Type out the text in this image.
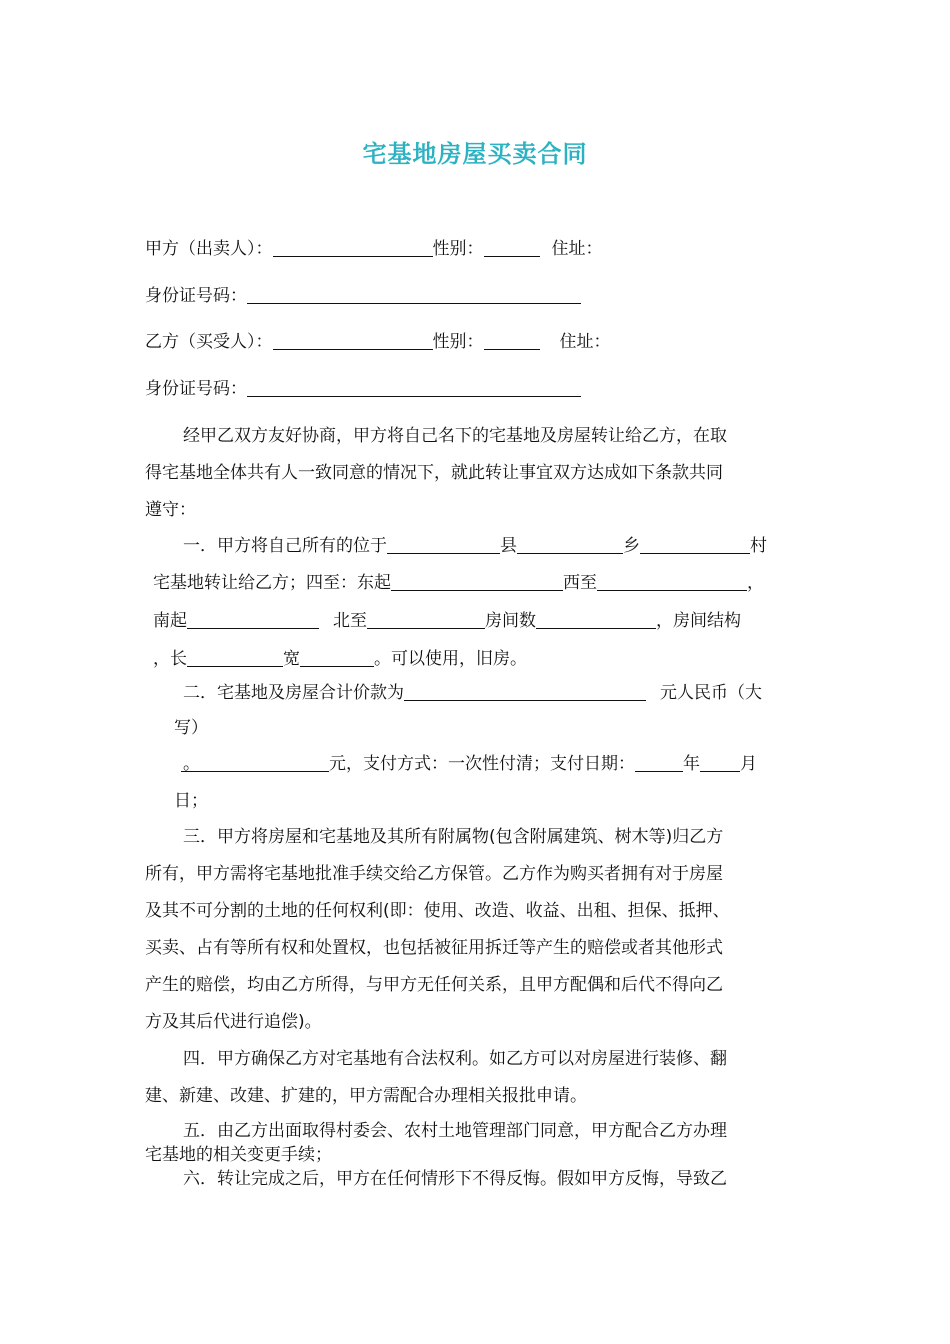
宅基地房屋买卖合同
甲方（出卖人）：	性别：	住址：
身份证号码：
乙方（买受人）：	性别：	住址：
身份证号码：
经甲乙双方友好协商，甲方将自己名下的宅基地及房屋转让给乙方，在取
得宅基地全体共有人一致同意的情况下，就此转让事宜双方达成如下条款共同
遵守：
一．甲方将自己所有的位于	县	乡	村
宅基地转让给乙方；四至：东起	西至	，
南起	北至	房间数	，房间结构
，长	宽	。可以使用，旧房。
二．宅基地及房屋合计价款为	元人民币（大
写）
。	元，支付方式：一次性付清；支付日期：	年 月
日；
三．甲方将房屋和宅基地及其所有附属物(包含附属建筑、树木等)归乙方
所有，甲方需将宅基地批准手续交给乙方保管。乙方作为购买者拥有对于房屋
及其不可分割的土地的任何权利(即：使用、改造、收益、出租、担保、抵押、
买卖、占有等所有权和处置权，也包括被征用拆迁等产生的赔偿或者其他形式
产生的赔偿，均由乙方所得，与甲方无任何关系，且甲方配偶和后代不得向乙
方及其后代进行追偿)。
四．甲方确保乙方对宅基地有合法权利。如乙方可以对房屋进行装修、翻
建、新建、改建、扩建的，甲方需配合办理相关报批申请。
五．由乙方出面取得村委会、农村土地管理部门同意，甲方配合乙方办理
宅基地的相关变更手续；
六．转让完成之后，甲方在任何情形下不得反悔。假如甲方反悔，导致乙
